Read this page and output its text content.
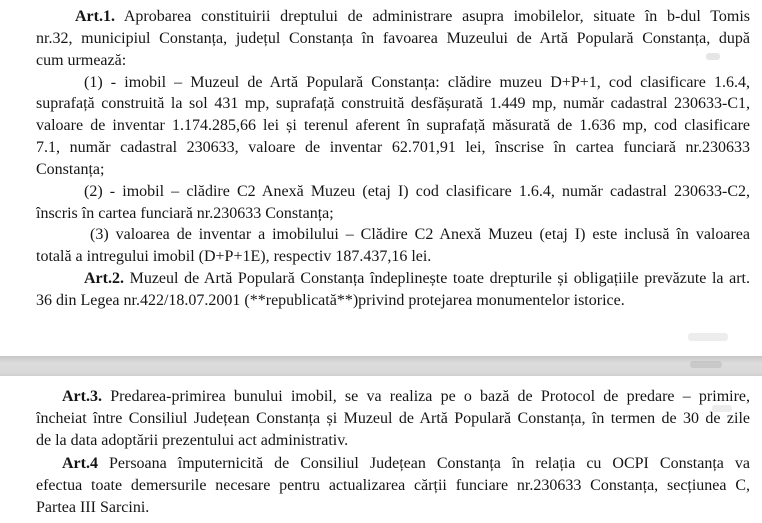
Art.1. Aprobarea constituirii dreptului de administrare asupra imobilelor, situate în b-dul Tomis
nr.32, municipiul Constanța, județul Constanța în favoarea Muzeului de Artă Populară Constanța, după
cum urmează:
(1) - imobil – Muzeul de Artă Populară Constanța: clădire muzeu D+P+1, cod clasificare 1.6.4,
suprafață construită la sol 431 mp, suprafață construită desfășurată 1.449 mp, număr cadastral 230633-C1,
valoare de inventar 1.174.285,66 lei și terenul aferent în suprafață măsurată de 1.636 mp, cod clasificare
7.1, număr cadastral 230633, valoare de inventar 62.701,91 lei, înscrise în cartea funciară nr.230633
Constanța;
(2) - imobil – clădire C2 Anexă Muzeu (etaj I) cod clasificare 1.6.4, număr cadastral 230633-C2,
înscris în cartea funciară nr.230633 Constanța;
(3) valoarea de inventar a imobilului – Clădire C2 Anexă Muzeu (etaj I) este inclusă în valoarea
totală a intregului imobil (D+P+1E), respectiv 187.437,16 lei.
Art.2. Muzeul de Artă Populară Constanța îndeplinește toate drepturile și obligațiile prevăzute la art.
36 din Legea nr.422/18.07.2001 (**republicată**)privind protejarea monumentelor istorice.
Art.3. Predarea-primirea bunului imobil, se va realiza pe o bază de Protocol de predare – primire,
încheiat între Consiliul Județean Constanța și Muzeul de Artă Populară Constanța, în termen de 30 de zile
de la data adoptării prezentului act administrativ.
Art.4 Persoana împuternicită de Consiliul Județean Constanța în relația cu OCPI Constanța va
efectua toate demersurile necesare pentru actualizarea cărții funciare nr.230633 Constanța, secțiunea C,
Partea III Sarcini.
